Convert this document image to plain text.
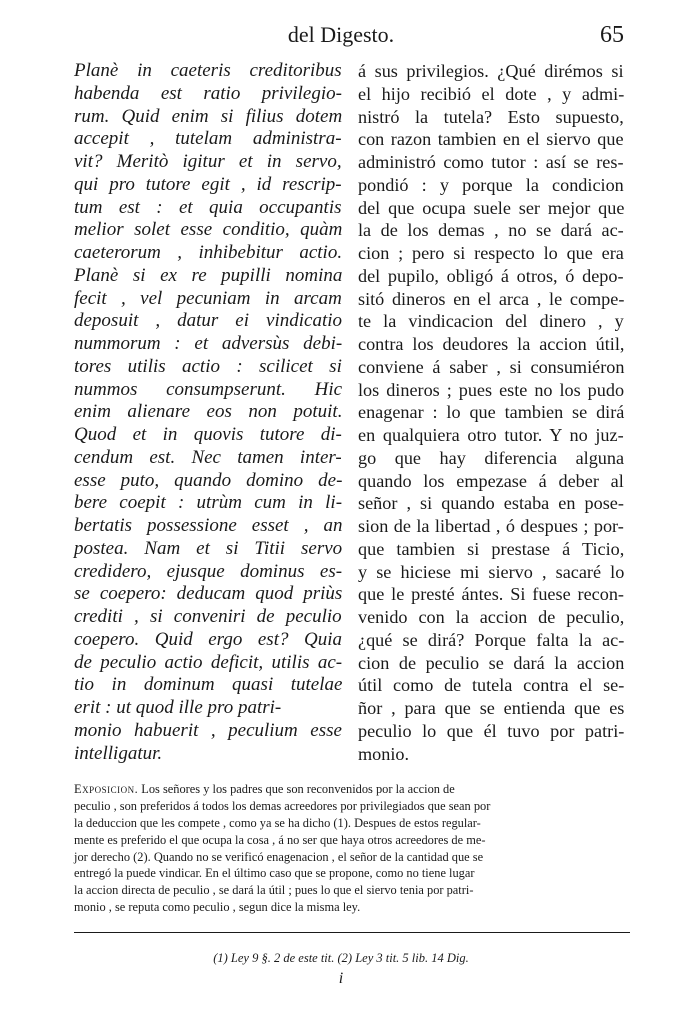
del Digesto.	65
Planè in caeteris creditoribus
habenda est ratio privilegio-
rum. Quid enim si filius dotem
accepit , tutelam administra-
vit? Meritò igitur et in servo,
qui pro tutore egit , id rescrip-
tum est : et quia occupantis
melior solet esse conditio, quàm
caeterorum , inhibebitur actio.
Planè si ex re pupilli nomina
fecit , vel pecuniam in arcam
deposuit , datur ei vindicatio
nummorum : et adversùs debi-
tores utilis actio : scilicet si
nummos consumpserunt. Hic
enim alienare eos non potuit.
Quod et in quovis tutore di-
cendum est. Nec tamen inter-
esse puto, quando domino de-
bere coepit : utrùm cum in li-
bertatis possessione esset , an
postea. Nam et si Titii servo
credidero, ejusque dominus es-
se coepero: deducam quod priùs
crediti , si conveniri de peculio
coepero. Quid ergo est? Quia
de peculio actio deficit, utilis ac-
tio in dominum quasi tutelae
erit : ut quod ille pro patri-
monio habuerit , peculium esse
intelligatur.
á sus privilegios. ¿Qué dirémos si
el hijo recibió el dote , y admi-
nistró la tutela? Esto supuesto,
con razon tambien en el siervo que
administró como tutor : así se res-
pondió : y porque la condicion
del que ocupa suele ser mejor que
la de los demas , no se dará ac-
cion ; pero si respecto lo que era
del pupilo, obligó á otros, ó depo-
sitó dineros en el arca , le compe-
te la vindicacion del dinero , y
contra los deudores la accion útil,
conviene á saber , si consumiéron
los dineros ; pues este no los pudo
enagenar : lo que tambien se dirá
en qualquiera otro tutor. Y no juz-
go que hay diferencia alguna
quando los empezase á deber al
señor , si quando estaba en pose-
sion de la libertad , ó despues ; por-
que tambien si prestase á Ticio,
y se hiciese mi siervo , sacaré lo
que le presté ántes. Si fuese recon-
venido con la accion de peculio,
¿qué se dirá? Porque falta la ac-
cion de peculio se dará la accion
útil como de tutela contra el se-
ñor , para que se entienda que es
peculio lo que él tuvo por patri-
monio.
Exposicion. Los señores y los padres que son reconvenidos por la accion de
peculio , son preferidos á todos los demas acreedores por privilegiados que sean por
la deduccion que les compete , como ya se ha dicho (1). Despues de estos regular-
mente es preferido el que ocupa la cosa , á no ser que haya otros acreedores de me-
jor derecho (2). Quando no se verificó enagenacion , el señor de la cantidad que se
entregó la puede vindicar. En el último caso que se propone, como no tiene lugar
la accion directa de peculio , se dará la útil ; pues lo que el siervo tenia por patri-
monio , se reputa como peculio , segun dice la misma ley.
(1) Ley 9 §. 2 de este tit. (2) Ley 3 tit. 5 lib. 14 Dig.
i
